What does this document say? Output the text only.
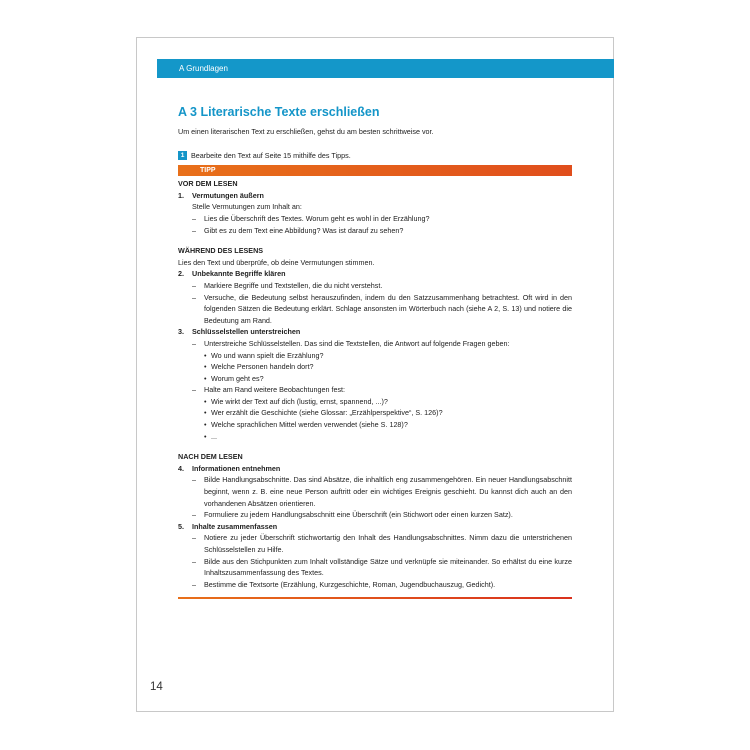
A Grundlagen
A 3 Literarische Texte erschließen

Um einen literarischen Text zu erschließen, gehst du am besten schrittweise vor.

1 Bearbeite den Text auf Seite 15 mithilfe des Tipps.
TIPP
VOR DEM LESEN
1.	Vermutungen äußern
Stelle Vermutungen zum Inhalt an:
–	Lies die Überschrift des Textes. Worum geht es wohl in der Erzählung?
–	Gibt es zu dem Text eine Abbildung? Was ist darauf zu sehen?
WÄHREND DES LESENS
Lies den Text und überprüfe, ob deine Vermutungen stimmen.
2.	Unbekannte Begriffe klären
–	Markiere Begriffe und Textstellen, die du nicht verstehst.
–	Versuche, die Bedeutung selbst herauszufinden, indem du den Satzzusammenhang betrachtest. Oft wird in den folgenden Sätzen die Bedeutung erklärt. Schlage ansonsten im Wörterbuch nach (siehe A 2, S. 13) und notiere die Bedeutung am Rand.
3.	Schlüsselstellen unterstreichen
–	Unterstreiche Schlüsselstellen. Das sind die Textstellen, die Antwort auf folgende Fragen geben:
• Wo und wann spielt die Erzählung?
• Welche Personen handeln dort?
• Worum geht es?
–	Halte am Rand weitere Beobachtungen fest:
• Wie wirkt der Text auf dich (lustig, ernst, spannend, ...)?
• Wer erzählt die Geschichte (siehe Glossar: „Erzählperspektive“, S. 126)?
• Welche sprachlichen Mittel werden verwendet (siehe S. 128)?
• ...
NACH DEM LESEN
4.	Informationen entnehmen
–	Bilde Handlungsabschnitte. Das sind Absätze, die inhaltlich eng zusammengehören. Ein neuer Handlungsabschnitt beginnt, wenn z. B. eine neue Person auftritt oder ein wichtiges Ereignis geschieht. Du kannst dich auch an den vorhandenen Absätzen orientieren.
–	Formuliere zu jedem Handlungsabschnitt eine Überschrift (ein Stichwort oder einen kurzen Satz).
5.	Inhalte zusammenfassen
–	Notiere zu jeder Überschrift stichwortartig den Inhalt des Handlungsabschnittes. Nimm dazu die unterstrichenen Schlüsselstellen zu Hilfe.
–	Bilde aus den Stichpunkten zum Inhalt vollständige Sätze und verknüpfe sie miteinander. So erhältst du eine kurze Inhaltszusammenfassung des Textes.
–	Bestimme die Textsorte (Erzählung, Kurzgeschichte, Roman, Jugendbuchauszug, Gedicht).
14
